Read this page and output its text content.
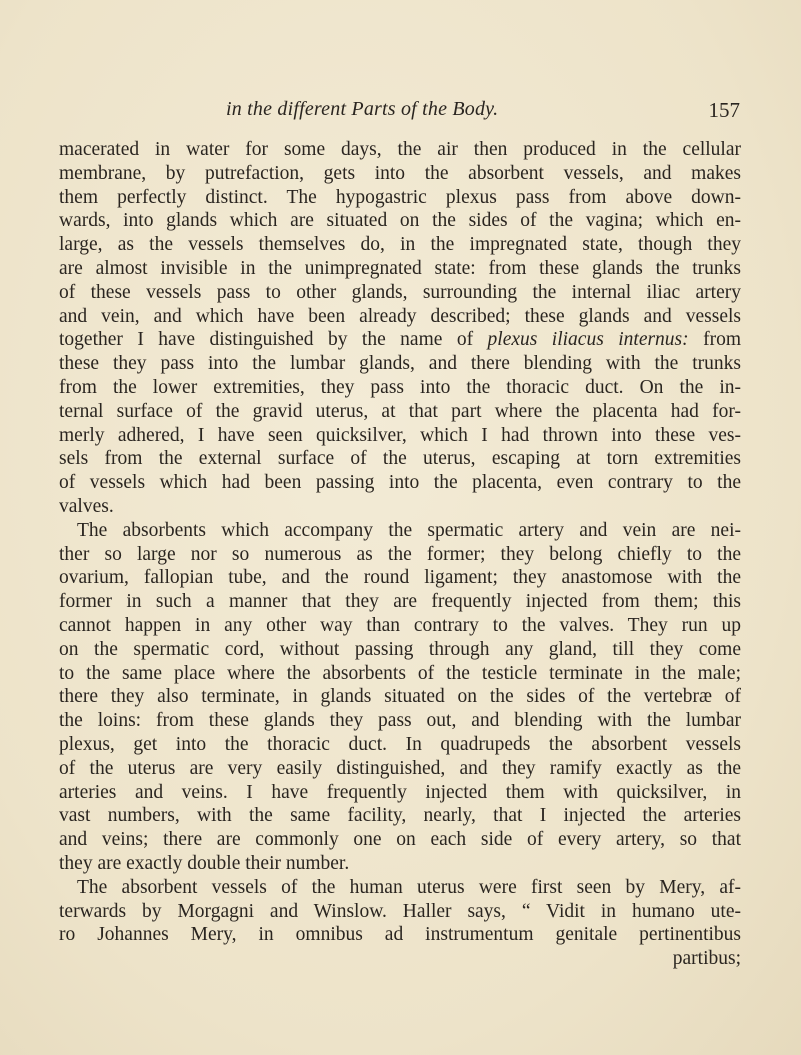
in the different Parts of the Body.	157
macerated in water for some days, the air then produced in the cellular
membrane, by putrefaction, gets into the absorbent vessels, and makes
them perfectly distinct. The hypogastric plexus pass from above down-
wards, into glands which are situated on the sides of the vagina; which en-
large, as the vessels themselves do, in the impregnated state, though they
are almost invisible in the unimpregnated state: from these glands the trunks
of these vessels pass to other glands, surrounding the internal iliac artery
and vein, and which have been already described; these glands and vessels
together I have distinguished by the name of plexus iliacus internus: from
these they pass into the lumbar glands, and there blending with the trunks
from the lower extremities, they pass into the thoracic duct. On the in-
ternal surface of the gravid uterus, at that part where the placenta had for-
merly adhered, I have seen quicksilver, which I had thrown into these ves-
sels from the external surface of the uterus, escaping at torn extremities
of vessels which had been passing into the placenta, even contrary to the
valves.
The absorbents which accompany the spermatic artery and vein are nei-
ther so large nor so numerous as the former; they belong chiefly to the
ovarium, fallopian tube, and the round ligament; they anastomose with the
former in such a manner that they are frequently injected from them; this
cannot happen in any other way than contrary to the valves. They run up
on the spermatic cord, without passing through any gland, till they come
to the same place where the absorbents of the testicle terminate in the male;
there they also terminate, in glands situated on the sides of the vertebræ of
the loins: from these glands they pass out, and blending with the lumbar
plexus, get into the thoracic duct. In quadrupeds the absorbent vessels
of the uterus are very easily distinguished, and they ramify exactly as the
arteries and veins. I have frequently injected them with quicksilver, in
vast numbers, with the same facility, nearly, that I injected the arteries
and veins; there are commonly one on each side of every artery, so that
they are exactly double their number.
The absorbent vessels of the human uterus were first seen by Mery, af-
terwards by Morgagni and Winslow. Haller says, “ Vidit in humano ute-
ro Johannes Mery, in omnibus ad instrumentum genitale pertinentibus
partibus;
